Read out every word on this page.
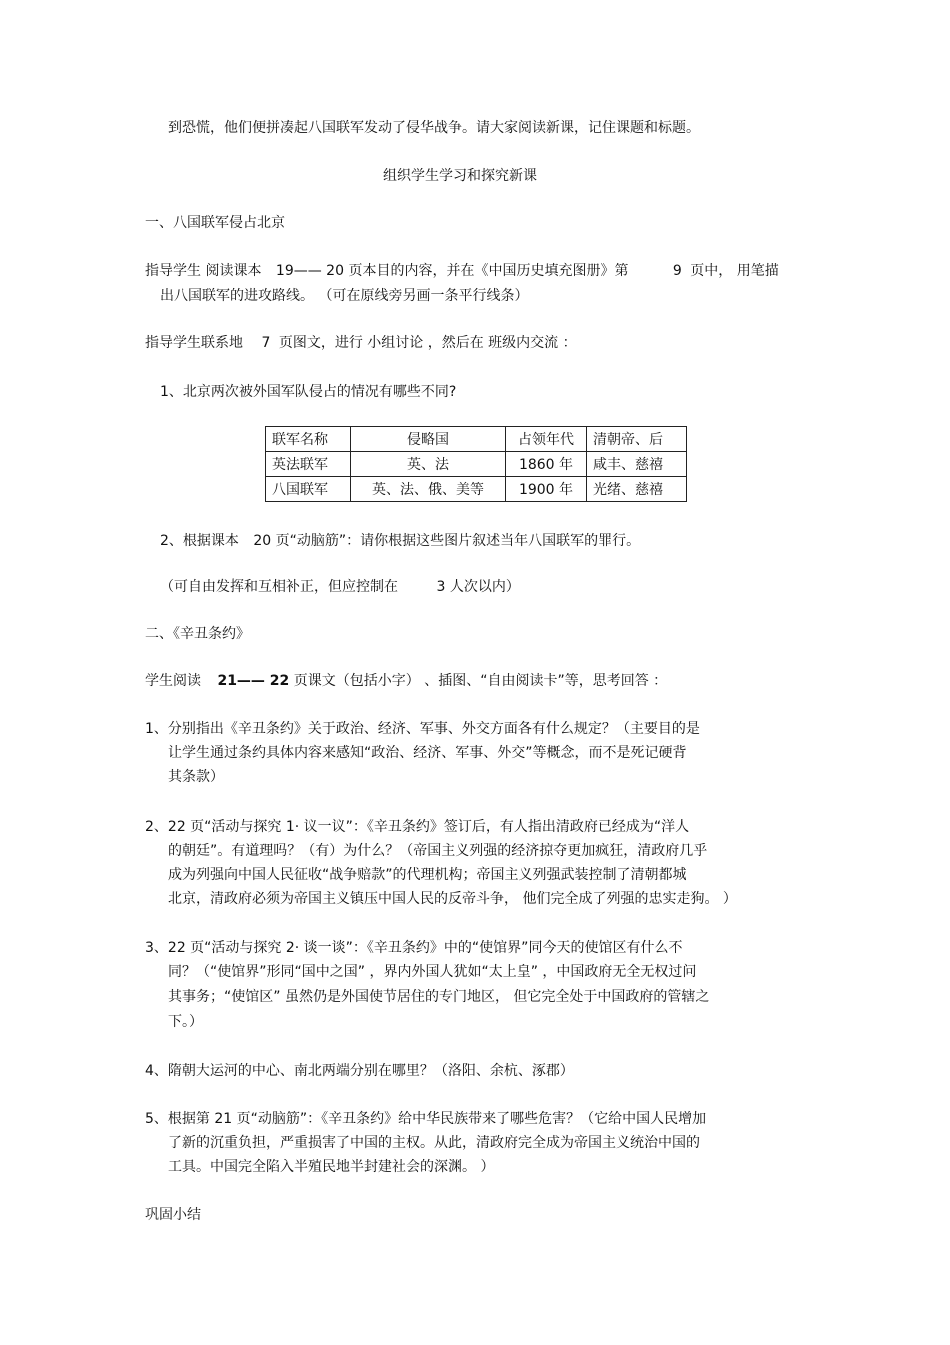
到恐慌，他们便拼凑起八国联军发动了侵华战争。请大家阅读新课，记住课题和标题。
组织学生学习和探究新课
一、八国联军侵占北京
指导学生 阅读课本 19—— 20 页本目的内容，并在《中国历史填充图册》第	9 页中， 用笔描
出八国联军的进攻路线。 （可在原线旁另画一条平行线条）
指导学生联系地 7 页图文，进行 小组讨论 ，然后在 班级内交流 ：
1、北京两次被外国军队侵占的情况有哪些不同?
联军名称	侵略国	占领年代	清朝帝、后
英法联军	英、法	1860 年	咸丰、慈禧
八国联军	英、法、俄、美等	1900 年	光绪、慈禧
2、根据课本 20 页“动脑筋”：请你根据这些图片叙述当年八国联军的罪行。
（可自由发挥和互相补正，但应控制在	3 人次以内）
二、《辛丑条约》
学生阅读 21—— 22 页课文（包括小字） 、插图、“自由阅读卡”等，思考回答 ：
1、分别指出《辛丑条约》关于政治、经济、军事、外交方面各有什么规定？（主要目的是
让学生通过条约具体内容来感知“政治、经济、军事、外交”等概念，而不是死记硬背
其条款）
2、22 页“活动与探究 1· 议一议”：《辛丑条约》签订后，有人指出清政府已经成为“洋人
的朝廷”。有道理吗？（有）为什么？（帝国主义列强的经济掠夺更加疯狂，清政府几乎
成为列强向中国人民征收“战争赔款”的代理机构；帝国主义列强武装控制了清朝都城
北京，清政府必须为帝国主义镇压中国人民的反帝斗争， 他们完全成了列强的忠实走狗。 ）
3、22 页“活动与探究 2· 谈一谈”：《辛丑条约》中的“使馆界”同今天的使馆区有什么不
同？（“使馆界”形同“国中之国” ，界内外国人犹如“太上皇” ，中国政府无全无权过问
其事务；“使馆区” 虽然仍是外国使节居住的专门地区， 但它完全处于中国政府的管辖之
下。）
4、隋朝大运河的中心、南北两端分别在哪里？（洛阳、余杭、涿郡）
5、根据第 21 页“动脑筋”：《辛丑条约》给中华民族带来了哪些危害？（它给中国人民增加
了新的沉重负担，严重损害了中国的主权。从此，清政府完全成为帝国主义统治中国的
工具。中国完全陷入半殖民地半封建社会的深渊。 ）
巩固小结
